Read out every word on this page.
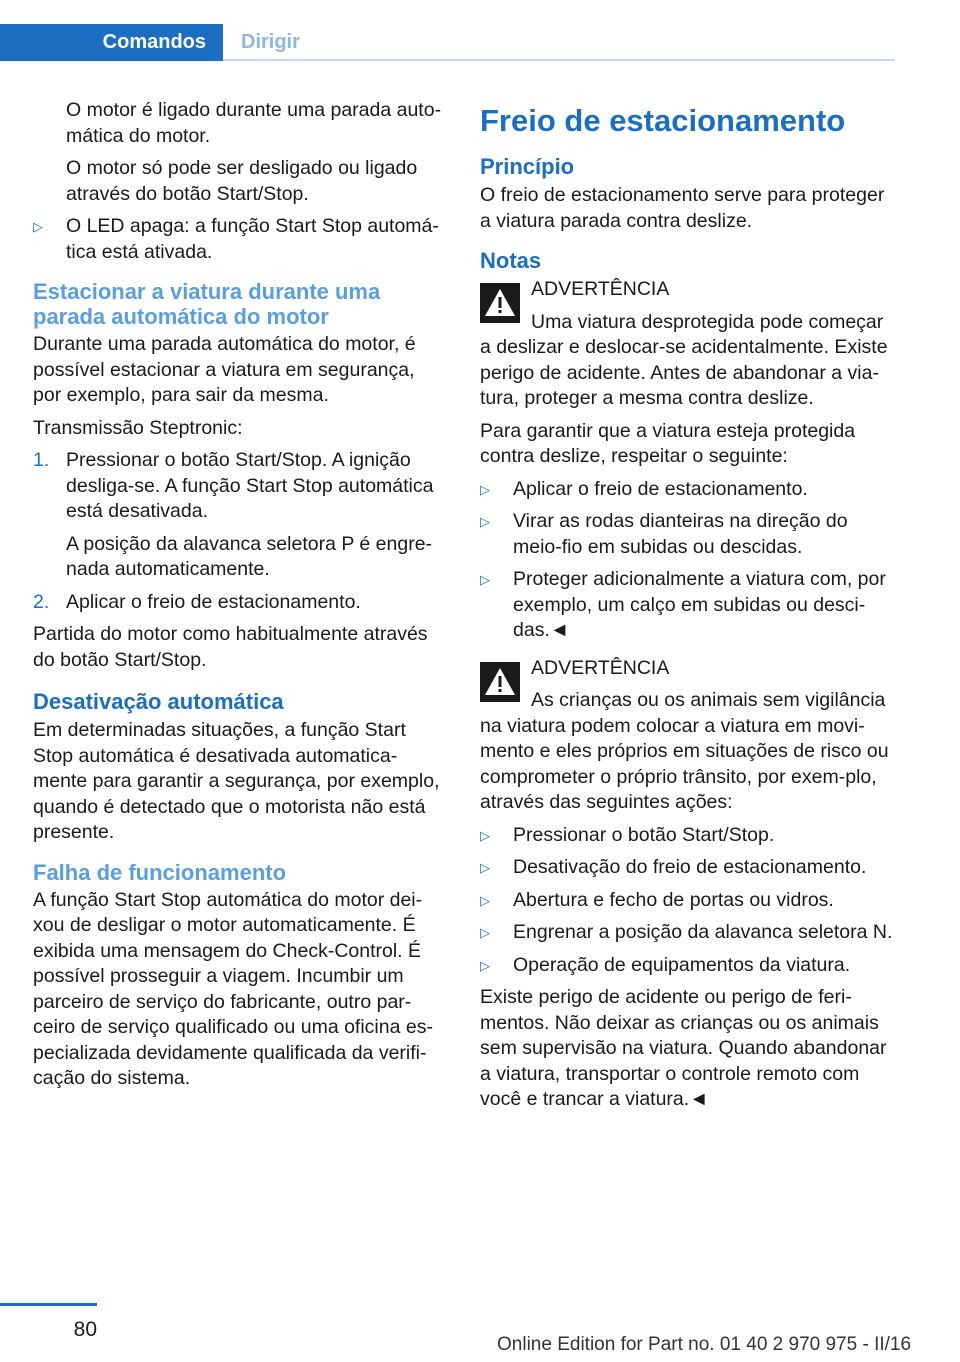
Comandos	Dirigir

O motor é ligado durante uma parada auto-mática do motor.

O motor só pode ser desligado ou ligado através do botão Start/Stop.

▷ O LED apaga: a função Start Stop automá-tica está ativada.
Estacionar a viatura durante uma parada automática do motor

Durante uma parada automática do motor, é possível estacionar a viatura em segurança, por exemplo, para sair da mesma.

Transmissão Steptronic:

1. Pressionar o botão Start/Stop. A ignição desliga-se. A função Start Stop automática está desativada.

A posição da alavanca seletora P é engre-nada automaticamente.

2. Aplicar o freio de estacionamento.

Partida do motor como habitualmente através do botão Start/Stop.

Desativação automática

Em determinadas situações, a função Start Stop automática é desativada automatica-mente para garantir a segurança, por exemplo, quando é detectado que o motorista não está presente.

Falha de funcionamento

A função Start Stop automática do motor dei-xou de desligar o motor automaticamente. É exibida uma mensagem do Check-Control. É possível prosseguir a viagem. Incumbir um parceiro de serviço do fabricante, outro par-ceiro de serviço qualificado ou uma oficina es-pecializada devidamente qualificada da verifi-cação do sistema.

Freio de estacionamento
Princípio

O freio de estacionamento serve para proteger a viatura parada contra deslize.

Notas
ADVERTÊNCIA
Uma viatura desprotegida pode começar

a deslizar e deslocar-se acidentalmente. Existe perigo de acidente. Antes de abandonar a via-tura, proteger a mesma contra deslize.

Para garantir que a viatura esteja protegida contra deslize, respeitar o seguinte:

▷ Aplicar o freio de estacionamento.
▷ Virar as rodas dianteiras na direção do meio-fio em subidas ou descidas.
▷ Proteger adicionalmente a viatura com, por exemplo, um calço em subidas ou desci-das.◄
ADVERTÊNCIA
As crianças ou os animais sem vigilância

na viatura podem colocar a viatura em movi-mento e eles próprios em situações de risco ou comprometer o próprio trânsito, por exem-plo, através das seguintes ações:

▷ Pressionar o botão Start/Stop.
▷ Desativação do freio de estacionamento.
▷ Abertura e fecho de portas ou vidros.
▷ Engrenar a posição da alavanca seletora N.
▷ Operação de equipamentos da viatura.

Existe perigo de acidente ou perigo de feri-mentos. Não deixar as crianças ou os animais sem supervisão na viatura. Quando abandonar a viatura, transportar o controle remoto com você e trancar a viatura.◄

80
Online Edition for Part no. 01 40 2 970 975 - II/16
